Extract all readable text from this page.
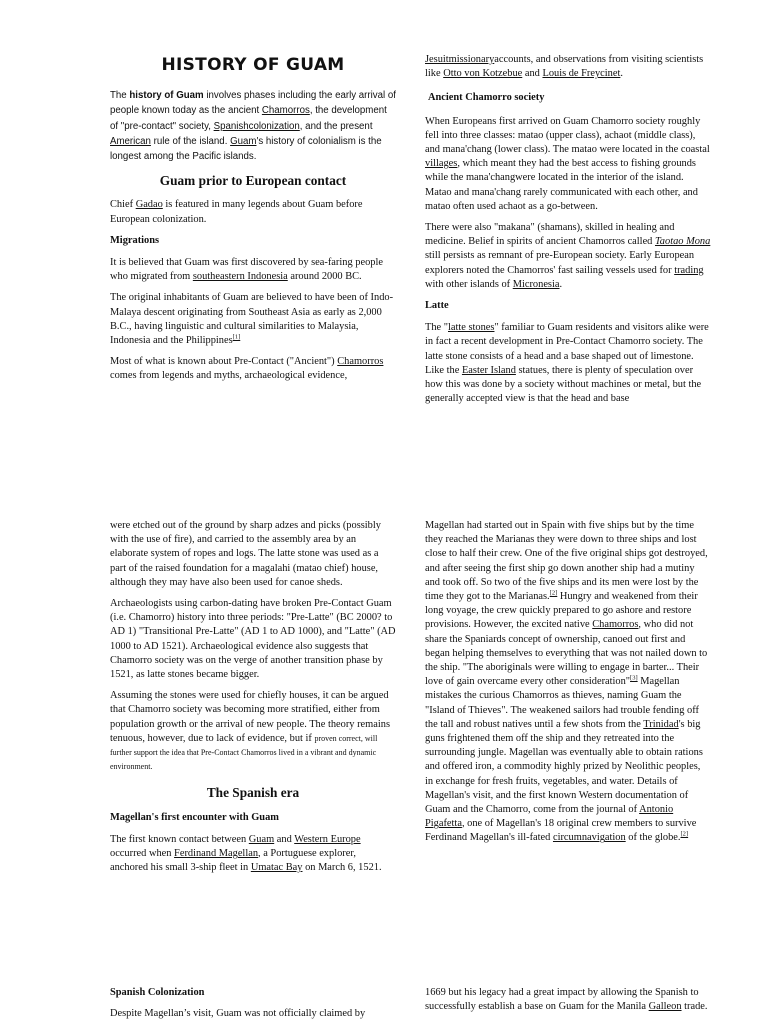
HISTORY OF GUAM

The history of Guam involves phases including the early arrival of people known today as the ancient Chamorros, the development of "pre-contact" society, Spanishcolonization, and the present American rule of the island. Guam's history of colonialism is the longest among the Pacific islands.

Guam prior to European contact

Chief Gadao is featured in many legends about Guam before European colonization.

Migrations

It is believed that Guam was first discovered by sea-faring people who migrated from southeastern Indonesia around 2000 BC.

The original inhabitants of Guam are believed to have been of Indo-Malaya descent originating from Southeast Asia as early as 2,000 B.C., having linguistic and cultural similarities to Malaysia, Indonesia and the Philippines[1]

Most of what is known about Pre-Contact ("Ancient") Chamorros comes from legends and myths, archaeological evidence,

Jesuitmissionaryaccounts, and observations from visiting scientists like Otto von Kotzebue and Louis de Freycinet.

Ancient Chamorro society

When Europeans first arrived on Guam Chamorro society roughly fell into three classes: matao (upper class), achaot (middle class), and mana'chang (lower class). The matao were located in the coastal villages, which meant they had the best access to fishing grounds while the mana'changwere located in the interior of the island. Matao and mana'chang rarely communicated with each other, and matao often used achaot as a go-between.

There were also "makana" (shamans), skilled in healing and medicine. Belief in spirits of ancient Chamorros called Taotao Mona still persists as remnant of pre-European society. Early European explorers noted the Chamorros' fast sailing vessels used for trading with other islands of Micronesia.

Latte

The "latte stones" familiar to Guam residents and visitors alike were in fact a recent development in Pre-Contact Chamorro society. The latte stone consists of a head and a base shaped out of limestone. Like the Easter Island statues, there is plenty of speculation over how this was done by a society without machines or metal, but the generally accepted view is that the head and base

were etched out of the ground by sharp adzes and picks (possibly with the use of fire), and carried to the assembly area by an elaborate system of ropes and logs. The latte stone was used as a part of the raised foundation for a magalahi (matao chief) house, although they may have also been used for canoe sheds.

Archaeologists using carbon-dating have broken Pre-Contact Guam (i.e. Chamorro) history into three periods: "Pre-Latte" (BC 2000? to AD 1) "Transitional Pre-Latte" (AD 1 to AD 1000), and "Latte" (AD 1000 to AD 1521). Archaeological evidence also suggests that Chamorro society was on the verge of another transition phase by 1521, as latte stones became bigger.

Assuming the stones were used for chiefly houses, it can be argued that Chamorro society was becoming more stratified, either from population growth or the arrival of new people. The theory remains tenuous, however, due to lack of evidence, but if proven correct, will further support the idea that Pre-Contact Chamorros lived in a vibrant and dynamic environment.

The Spanish era
Magellan's first encounter with Guam

The first known contact between Guam and Western Europe occurred when Ferdinand Magellan, a Portuguese explorer, anchored his small 3-ship fleet in Umatac Bay on March 6, 1521.

Magellan had started out in Spain with five ships but by the time they reached the Marianas they were down to three ships and lost close to half their crew. One of the five original ships got destroyed, and after seeing the first ship go down another ship had a mutiny and took off. So two of the five ships and its men were lost by the time they got to the Marianas.[2] Hungry and weakened from their long voyage, the crew quickly prepared to go ashore and restore provisions. However, the excited native Chamorros, who did not share the Spaniards concept of ownership, canoed out first and began helping themselves to everything that was not nailed down to the ship. "The aboriginals were willing to engage in barter... Their love of gain overcame every other consideration"[3] Magellan mistakes the curious Chamorros as thieves, naming Guam the "Island of Thieves". The weakened sailors had trouble fending off the tall and robust natives until a few shots from the Trinidad's big guns frightened them off the ship and they retreated into the surrounding jungle. Magellan was eventually able to obtain rations and offered iron, a commodity highly prized by Neolithic peoples, in exchange for fresh fruits, vegetables, and water. Details of Magellan's visit, and the first known Western documentation of Guam and the Chamorro, come from the journal of Antonio Pigafetta, one of Magellan's 18 original crew members to survive Ferdinand Magellan's ill-fated circumnavigation of the globe.[2]

Spanish Colonization

Despite Magellan’s visit, Guam was not officially claimed by

1669 but his legacy had a great impact by allowing the Spanish to successfully establish a base on Guam for the Manila Galleon trade.
